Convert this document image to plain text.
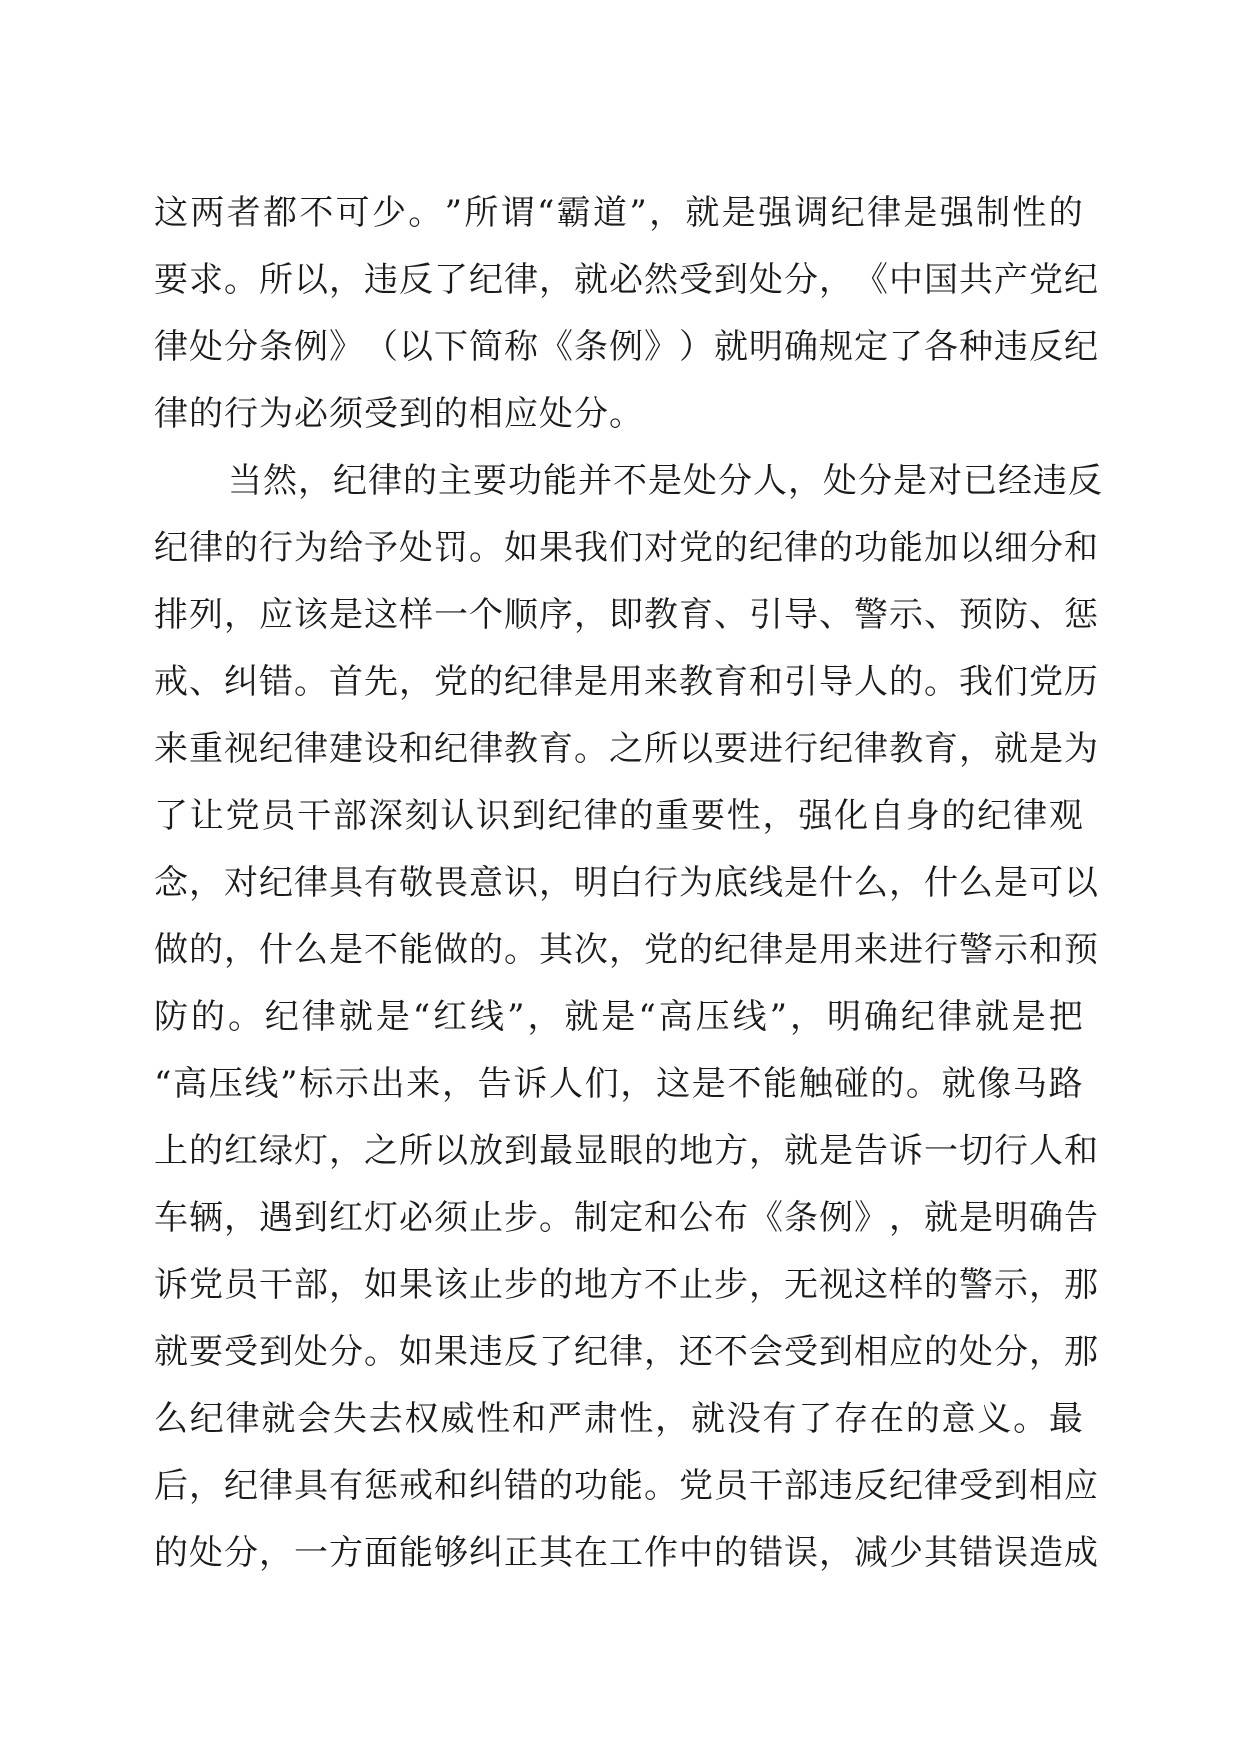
这 两 者 都 不 可 少 。 ” 所 谓 “ 霸 道 ” ， 就 是 强 调 纪 律 是 强 制 性 的
要 求 。 所 以 ， 违 反 了 纪 律 ， 就 必 然 受 到 处 分 ， 《 中 国 共 产 党 纪
律 处 分 条 例 》 （ 以 下 简 称 《 条 例 》 ） 就 明 确 规 定 了 各 种 违 反 纪
律的行为必须受到的相应处分。
当 然 ， 纪 律 的 主 要 功 能 并 不 是 处 分 人 ， 处 分 是 对 已 经 违 反
纪 律 的 行 为 给 予 处 罚 。 如 果 我 们 对 党 的 纪 律 的 功 能 加 以 细 分 和
排 列 ， 应 该 是 这 样 一 个 顺 序 ， 即 教 育 、 引 导 、 警 示 、 预 防 、 惩
戒 、 纠 错 。 首 先 ， 党 的 纪 律 是 用 来 教 育 和 引 导 人 的 。 我 们 党 历
来 重 视 纪 律 建 设 和 纪 律 教 育 。 之 所 以 要 进 行 纪 律 教 育 ， 就 是 为
了 让 党 员 干 部 深 刻 认 识 到 纪 律 的 重 要 性 ， 强 化 自 身 的 纪 律 观
念 ， 对 纪 律 具 有 敬 畏 意 识 ， 明 白 行 为 底 线 是 什 么 ， 什 么 是 可 以
做 的 ， 什 么 是 不 能 做 的 。 其 次 ， 党 的 纪 律 是 用 来 进 行 警 示 和 预
防 的 。 纪 律 就 是 “ 红 线 ” ， 就 是 “ 高 压 线 ” ， 明 确 纪 律 就 是 把
“ 高 压 线 ” 标 示 出 来 ， 告 诉 人 们 ， 这 是 不 能 触 碰 的 。 就 像 马 路
上 的 红 绿 灯 ， 之 所 以 放 到 最 显 眼 的 地 方 ， 就 是 告 诉 一 切 行 人 和
车 辆 ， 遇 到 红 灯 必 须 止 步 。 制 定 和 公 布 《 条 例 》 ， 就 是 明 确 告
诉 党 员 干 部 ， 如 果 该 止 步 的 地 方 不 止 步 ， 无 视 这 样 的 警 示 ， 那
就 要 受 到 处 分 。 如 果 违 反 了 纪 律 ， 还 不 会 受 到 相 应 的 处 分 ， 那
么 纪 律 就 会 失 去 权 威 性 和 严 肃 性 ， 就 没 有 了 存 在 的 意 义 。 最
后 ， 纪 律 具 有 惩 戒 和 纠 错 的 功 能 。 党 员 干 部 违 反 纪 律 受 到 相 应
的 处 分 ， 一 方 面 能 够 纠 正 其 在 工 作 中 的 错 误 ， 减 少 其 错 误 造 成
